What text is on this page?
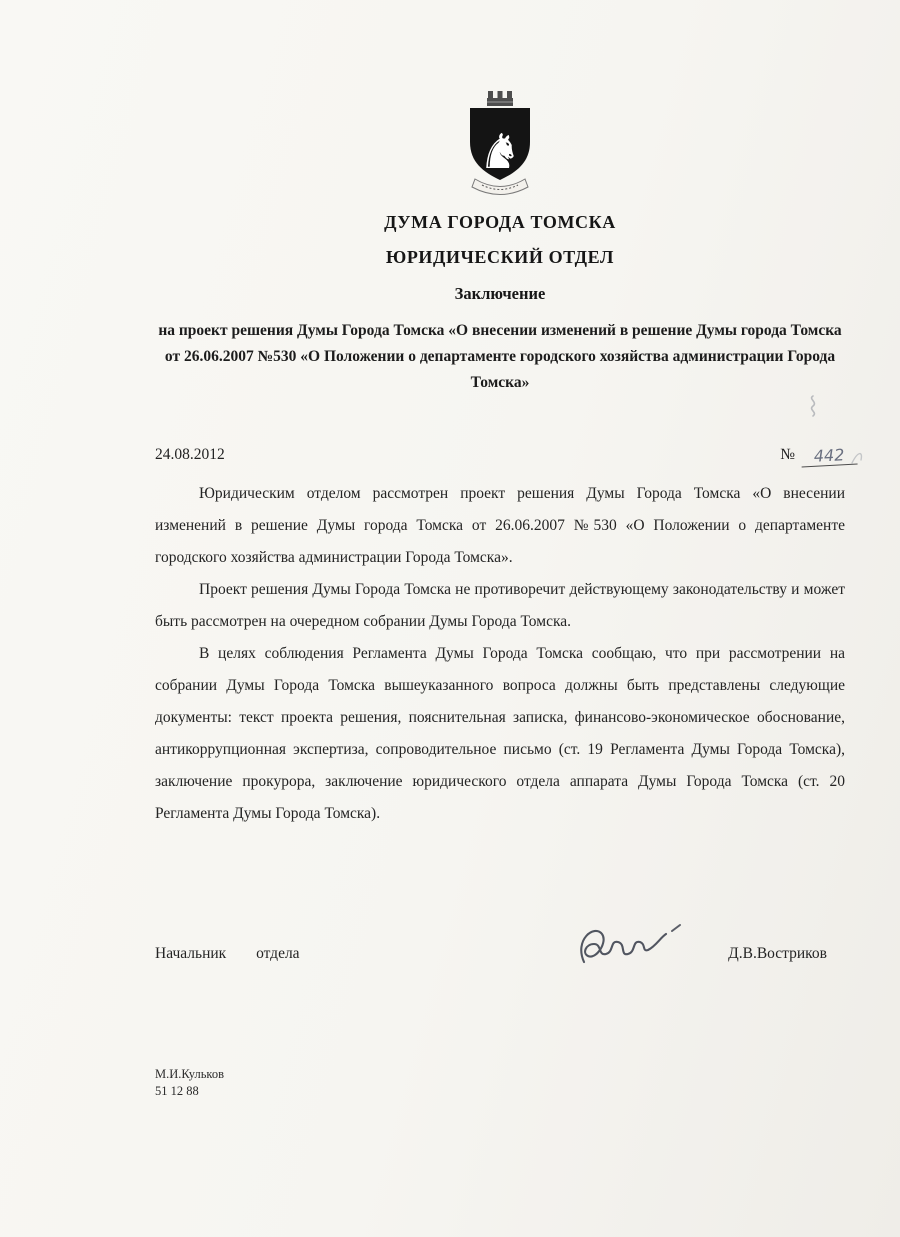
♞
ДУМА ГОРОДА ТОМСКА
ЮРИДИЧЕСКИЙ ОТДЕЛ
Заключение
на проект решения Думы Города Томска «О внесении изменений в решение Думы города Томска от 26.06.2007 №530 «О Положении о департаменте городского хозяйства администрации Города Томска»
24.08.2012	№	442

Юридическим отделом рассмотрен проект решения Думы Города Томска «О внесении изменений в решение Думы города Томска от 26.06.2007 №530 «О Положении о департаменте городского хозяйства администрации Города Томска».

Проект решения Думы Города Томска не противоречит действующему законодательству и может быть рассмотрен на очередном собрании Думы Города Томска.

В целях соблюдения Регламента Думы Города Томска сообщаю, что при рассмотрении на собрании Думы Города Томска вышеуказанного вопроса должны быть представлены следующие документы: текст проекта решения, пояснительная записка, финансово-экономическое обоснование, антикоррупционная экспертиза, сопроводительное письмо (ст. 19 Регламента Думы Города Томска), заключение прокурора, заключение юридического отдела аппарата Думы Города Томска (ст. 20 Регламента Думы Города Томска).

Начальник отдела	Д.В.Востриков
М.И.Кульков
51 12 88
